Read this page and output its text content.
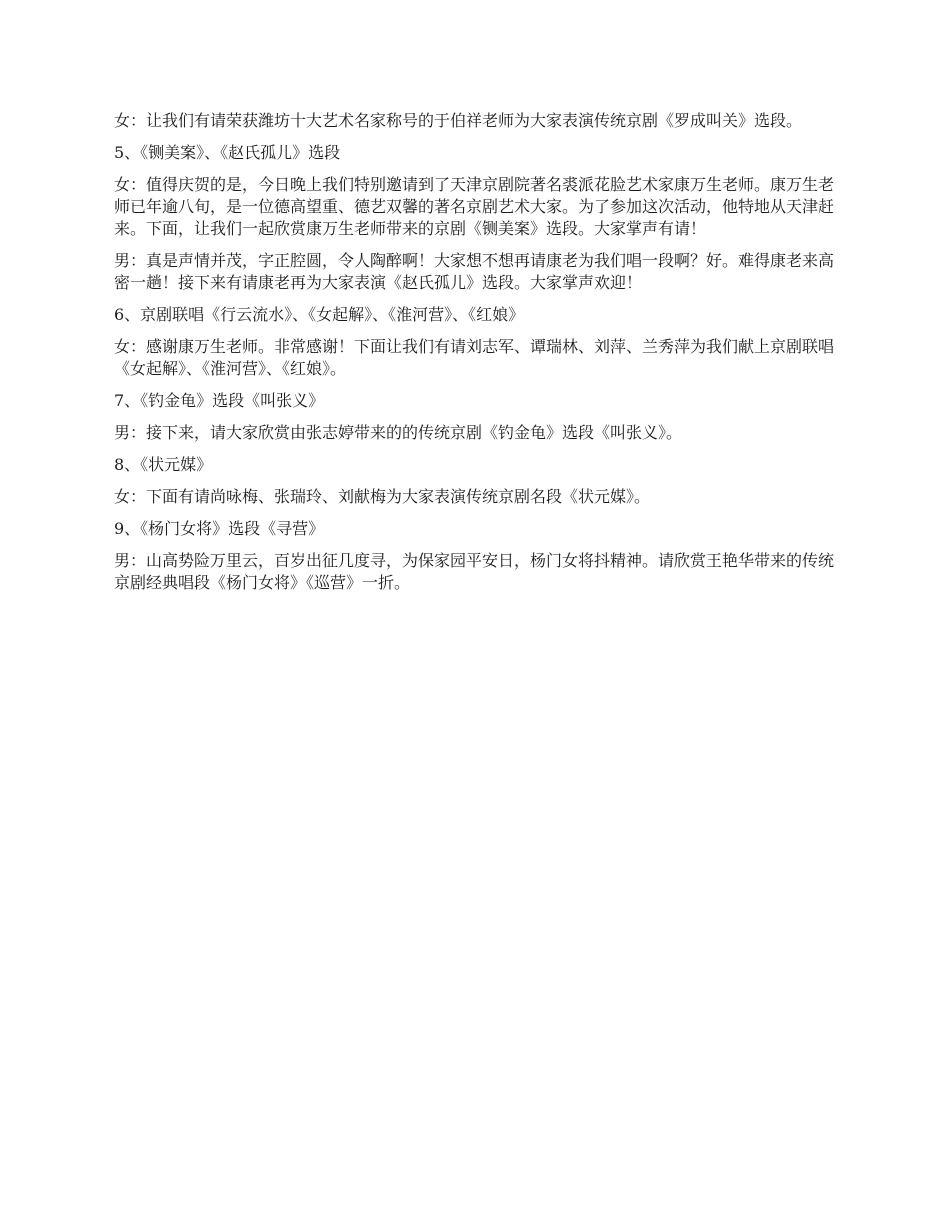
女：让我们有请荣获潍坊十大艺术名家称号的于伯祥老师为大家表演传统京剧《罗成叫关》选段。

5、《铡美案》、《赵氏孤儿》选段

女：值得庆贺的是，今日晚上我们特别邀请到了天津京剧院著名裘派花脸艺术家康万生老师。康万生老师已年逾八旬，是一位德高望重、德艺双馨的著名京剧艺术大家。为了参加这次活动，他特地从天津赶来。下面，让我们一起欣赏康万生老师带来的京剧《铡美案》选段。大家掌声有请！

男：真是声情并茂，字正腔圆，令人陶醉啊！大家想不想再请康老为我们唱一段啊？好。难得康老来高密一趟！接下来有请康老再为大家表演《赵氏孤儿》选段。大家掌声欢迎！

6、京剧联唱《行云流水》、《女起解》、《淮河营》、《红娘》

女：感谢康万生老师。非常感谢！下面让我们有请刘志军、谭瑞林、刘萍、兰秀萍为我们献上京剧联唱《女起解》、《淮河营》、《红娘》。

7、《钓金龟》选段《叫张义》

男：接下来，请大家欣赏由张志婷带来的的传统京剧《钓金龟》选段《叫张义》。

8、《状元媒》

女：下面有请尚咏梅、张瑞玲、刘献梅为大家表演传统京剧名段《状元媒》。

9、《杨门女将》选段《寻营》

男：山高势险万里云，百岁出征几度寻，为保家园平安日，杨门女将抖精神。请欣赏王艳华带来的传统京剧经典唱段《杨门女将》《巡营》一折。
